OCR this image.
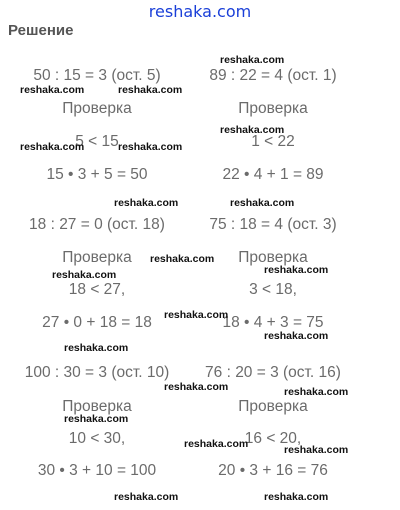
reshaka.com
Решение
50 : 15 = 3 (ост. 5)
Проверка
5 < 15
15 • 3 + 5 = 50
89 : 22 = 4 (ост. 1)
Проверка
1 < 22
22 • 4 + 1 = 89
18 : 27 = 0 (ост. 18)
Проверка
18 < 27,
27 • 0 + 18 = 18
75 : 18 = 4 (ост. 3)
Проверка
3 < 18,
18 • 4 + 3 = 75
100 : 30 = 3 (ост. 10)
Проверка
10 < 30,
30 • 3 + 10 = 100
76 : 20 = 3 (ост. 16)
Проверка
16 < 20,
20 • 3 + 16 = 76
reshaka.com
reshaka.com	reshaka.com
reshaka.com
reshaka.com	reshaka.com
reshaka.com	reshaka.com
reshaka.com
reshaka.com
reshaka.com
reshaka.com
reshaka.com
reshaka.com
reshaka.com	reshaka.com
reshaka.com
reshaka.com	reshaka.com
reshaka.com	reshaka.com
